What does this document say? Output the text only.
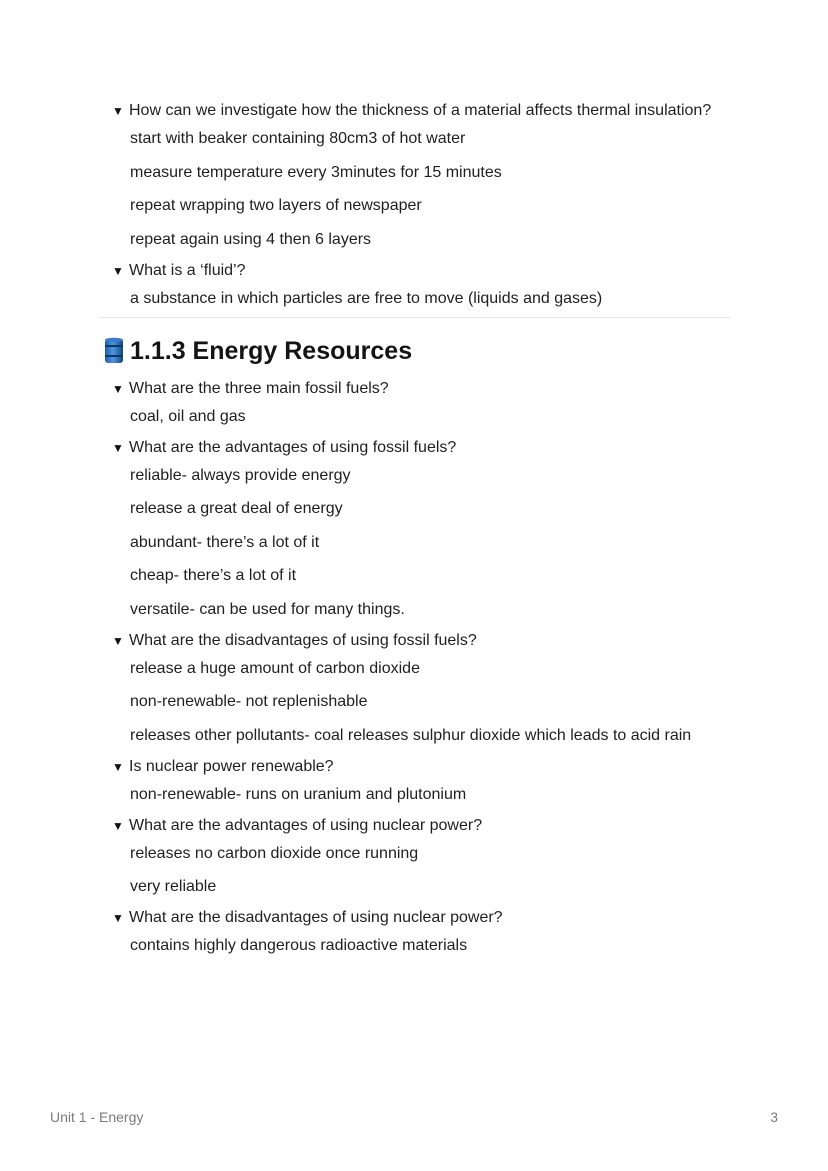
▼ How can we investigate how the thickness of a material affects thermal insulation?
start with beaker containing 80cm3 of hot water
measure temperature every 3minutes for 15 minutes
repeat wrapping two layers of newspaper
repeat again using 4 then 6 layers
▼ What is a ‘fluid’?
a substance in which particles are free to move (liquids and gases)
1.1.3 Energy Resources
▼ What are the three main fossil fuels?
coal, oil and gas
▼ What are the advantages of using fossil fuels?
reliable- always provide energy
release a great deal of energy
abundant- there’s a lot of it
cheap- there’s a lot of it
versatile- can be used for many things.
▼ What are the disadvantages of using fossil fuels?
release a huge amount of carbon dioxide
non-renewable- not replenishable
releases other pollutants- coal releases sulphur dioxide which leads to acid rain
▼ Is nuclear power renewable?
non-renewable- runs on uranium and plutonium
▼ What are the advantages of using nuclear power?
releases no carbon dioxide once running
very reliable
▼ What are the disadvantages of using nuclear power?
contains highly dangerous radioactive materials
Unit 1 - Energy	3
